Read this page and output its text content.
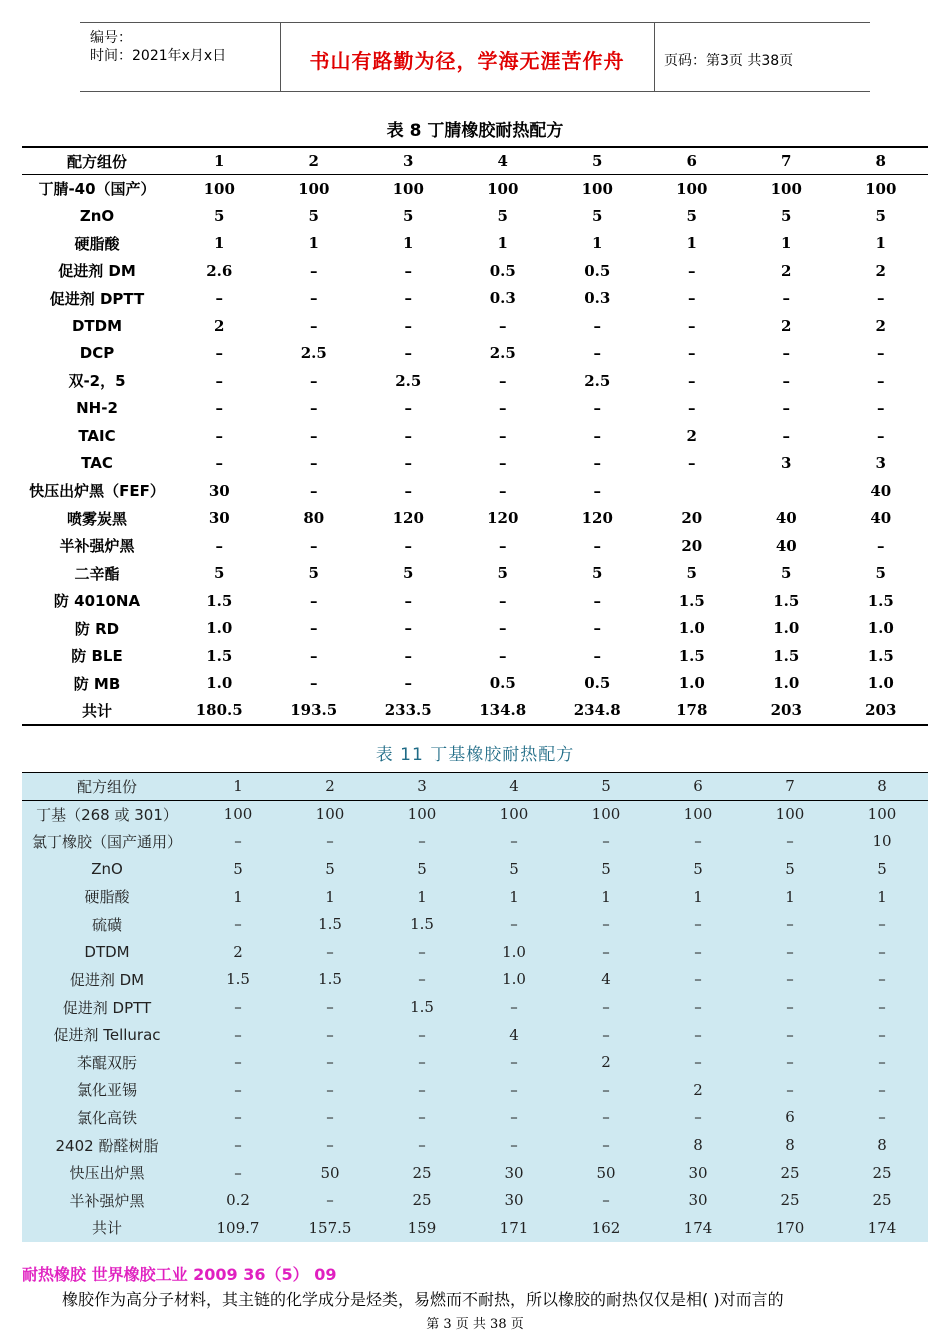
编号：
时间：2021年x月x日	书山有路勤为径，学海无涯苦作舟	页码：第3页 共38页
表 8 丁腈橡胶耐热配方
配方组份	1	2	3	4	5	6	7	8
丁腈-40（国产）	100	100	100	100	100	100	100	100
ZnO	5	5	5	5	5	5	5	5
硬脂酸	1	1	1	1	1	1	1	1
促进剂 DM	2.6	–	–	0.5	0.5	–	2	2
促进剂 DPTT	–	–	–	0.3	0.3	–	–	–
DTDM	2	–	–	–	–	–	2	2
DCP	–	2.5	–	2.5	–	–	–	–
双-2，5	–	–	2.5	–	2.5	–	–	–
NH-2	–	–	–	–	–	–	–	–
TAIC	–	–	–	–	–	2	–	–
TAC	–	–	–	–	–	–	3	3
快压出炉黑（FEF）	30	–	–	–	–			40
喷雾炭黑	30	80	120	120	120	20	40	40
半补强炉黑	–	–	–	–	–	20	40	–
二辛酯	5	5	5	5	5	5	5	5
防 4010NA	1.5	–	–	–	–	1.5	1.5	1.5
防 RD	1.0	–	–	–	–	1.0	1.0	1.0
防 BLE	1.5	–	–	–	–	1.5	1.5	1.5
防 MB	1.0	–	–	0.5	0.5	1.0	1.0	1.0
共计	180.5	193.5	233.5	134.8	234.8	178	203	203
表 11 丁基橡胶耐热配方
配方组份	1	2	3	4	5	6	7	8
丁基（268 或 301）	100	100	100	100	100	100	100	100
氯丁橡胶（国产通用）	–	–	–	–	–	–	–	10
ZnO	5	5	5	5	5	5	5	5
硬脂酸	1	1	1	1	1	1	1	1
硫磺	–	1.5	1.5	–	–	–	–	–
DTDM	2	–	–	1.0	–	–	–	–
促进剂 DM	1.5	1.5	–	1.0	4	–	–	–
促进剂 DPTT	–	–	1.5	–	–	–	–	–
促进剂 Tellurac	–	–	–	4	–	–	–	–
苯醌双肟	–	–	–	–	2	–	–	–
氯化亚锡	–	–	–	–	–	2	–	–
氯化高铁	–	–	–	–	–	–	6	–
2402 酚醛树脂	–	–	–	–	–	8	8	8
快压出炉黑	–	50	25	30	50	30	25	25
半补强炉黑	0.2	–	25	30	–	30	25	25
共计	109.7	157.5	159	171	162	174	170	174
耐热橡胶 世界橡胶工业 2009 36（5） 09
橡胶作为高分子材料，其主链的化学成分是烃类，易燃而不耐热，所以橡胶的耐热仅仅是相( )对而言的
第 3 页 共 38 页
